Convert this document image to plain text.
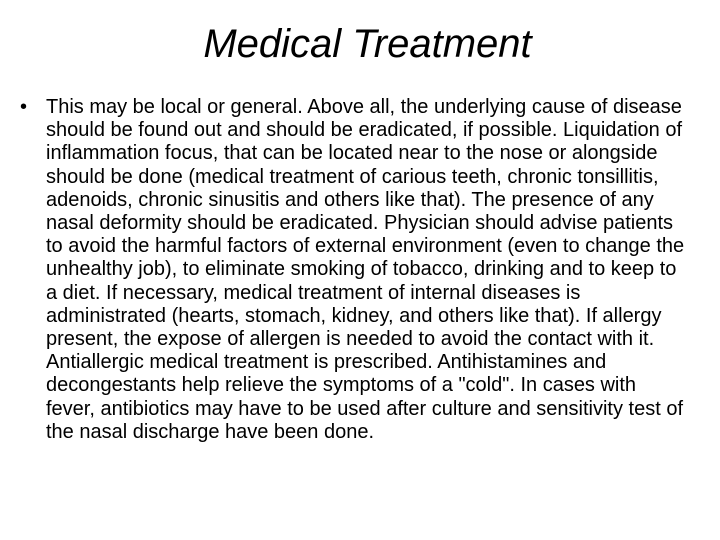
Medical Treatment
• This may be local or general. Above all, the underlying cause of disease should be found out and should be eradicated, if possible. Liquidation of inflammation focus, that can be located near to the nose or alongside should be done (medical treatment of carious teeth, chronic tonsillitis, adenoids, chronic sinusitis and others like that). The presence of any nasal deformity should be eradicated. Physician should advise patients to avoid the harmful factors of external environment (even to change the unhealthy job), to eliminate smoking of tobacco, drinking and to keep to a diet. If necessary, medical treatment of internal diseases is administrated (hearts, stomach, kidney, and others like that). If allergy present, the expose of allergen is needed to avoid the contact with it. Antiallergic medical treatment is prescribed. Antihistamines and decongestants help relieve the symptoms of a "cold". In cases with fever, antibiotics may have to be used after culture and sensitivity test of the nasal discharge have been done.
